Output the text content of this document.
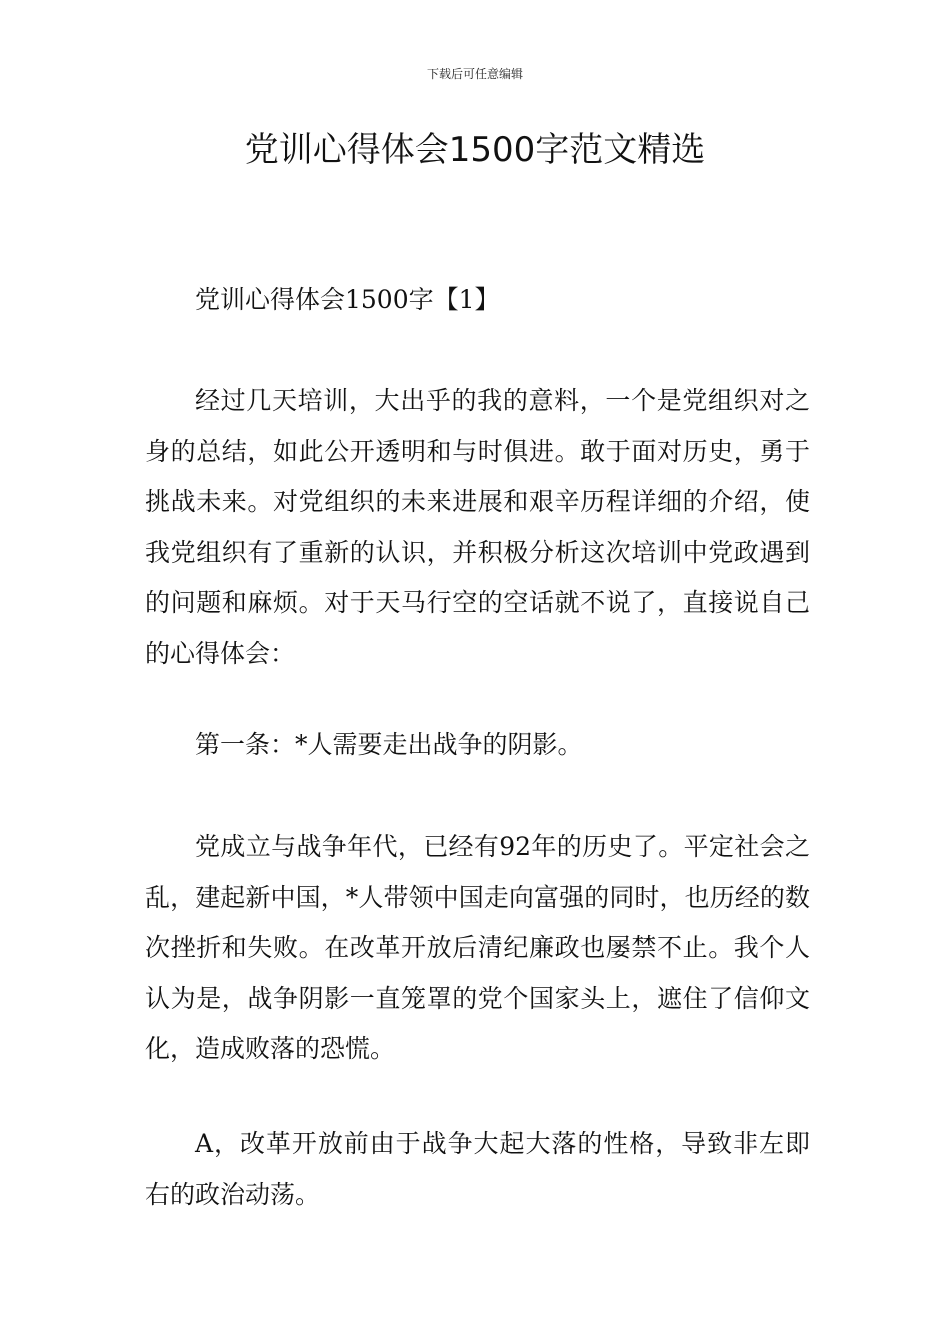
下载后可任意编辑
党训心得体会1500字范文精选

党训心得体会1500字【1】

经过几天培训，大出乎的我的意料，一个是党组织对之身的总结，如此公开透明和与时俱进。敢于面对历史，勇于挑战未来。对党组织的未来进展和艰辛历程详细的介绍，使我党组织有了重新的认识，并积极分析这次培训中党政遇到的问题和麻烦。对于天马行空的空话就不说了，直接说自己的心得体会：

第一条：*人需要走出战争的阴影。

党成立与战争年代，已经有92年的历史了。平定社会之乱，建起新中国，*人带领中国走向富强的同时，也历经的数次挫折和失败。在改革开放后清纪廉政也屡禁不止。我个人认为是，战争阴影一直笼罩的党个国家头上，遮住了信仰文化，造成败落的恐慌。

A，改革开放前由于战争大起大落的性格，导致非左即右的政治动荡。
